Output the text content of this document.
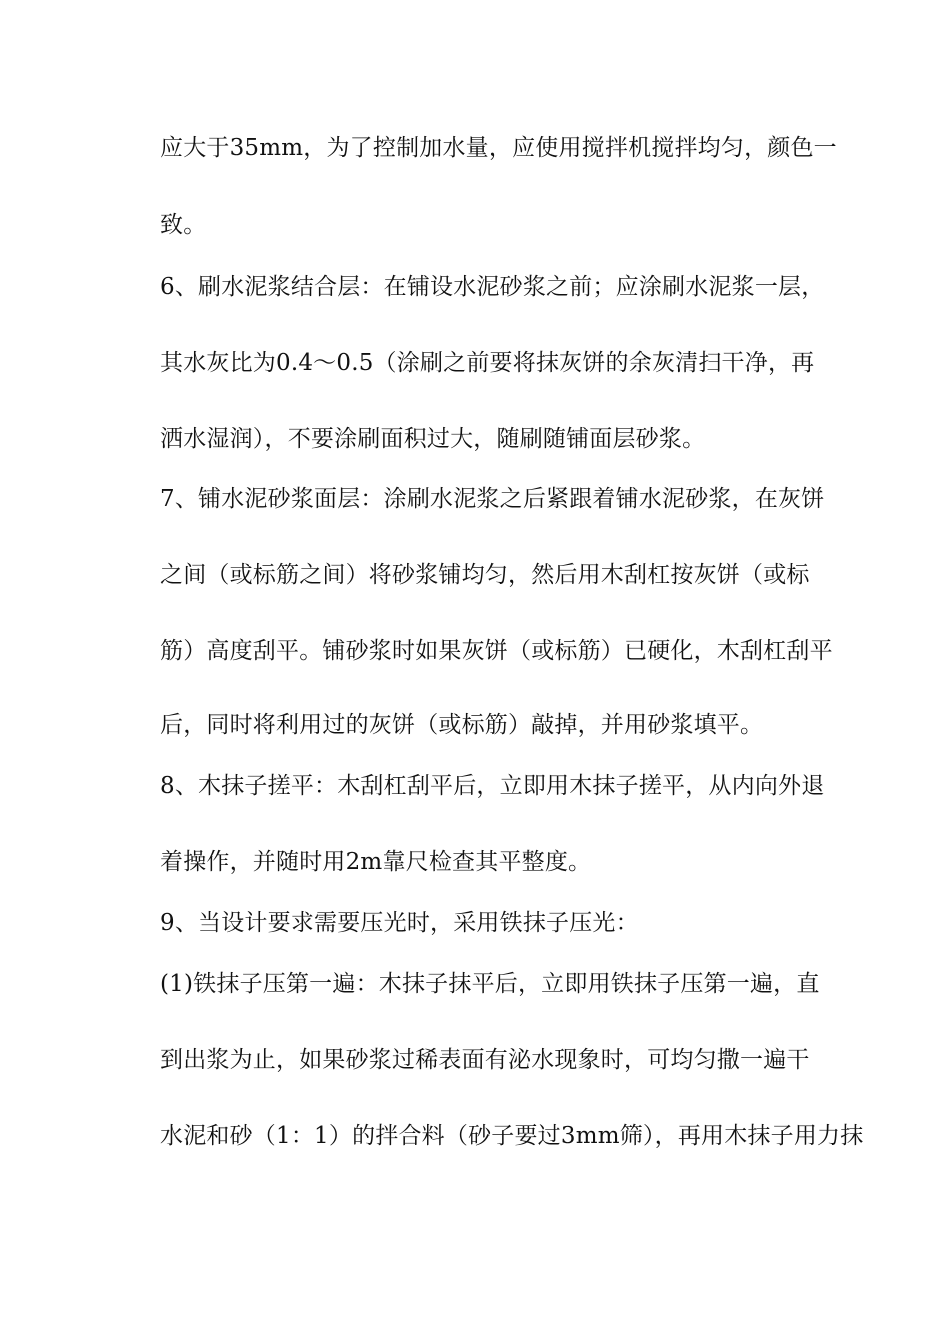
应大于35mm，为了控制加水量，应使用搅拌机搅拌均匀，颜色一
致。
6、刷水泥浆结合层：在铺设水泥砂浆之前；应涂刷水泥浆一层，
其水灰比为0.4～0.5（涂刷之前要将抹灰饼的余灰清扫干净，再
洒水湿润），不要涂刷面积过大，随刷随铺面层砂浆。
7、铺水泥砂浆面层：涂刷水泥浆之后紧跟着铺水泥砂浆，在灰饼
之间（或标筋之间）将砂浆铺均匀，然后用木刮杠按灰饼（或标
筋）高度刮平。铺砂浆时如果灰饼（或标筋）已硬化，木刮杠刮平
后，同时将利用过的灰饼（或标筋）敲掉，并用砂浆填平。
8、木抹子搓平：木刮杠刮平后，立即用木抹子搓平，从内向外退
着操作，并随时用2m靠尺检查其平整度。
9、当设计要求需要压光时，采用铁抹子压光：
(1)铁抹子压第一遍：木抹子抹平后，立即用铁抹子压第一遍，直
到出浆为止，如果砂浆过稀表面有泌水现象时，可均匀撒一遍干
水泥和砂（1：1）的拌合料（砂子要过3mm筛），再用木抹子用力抹
